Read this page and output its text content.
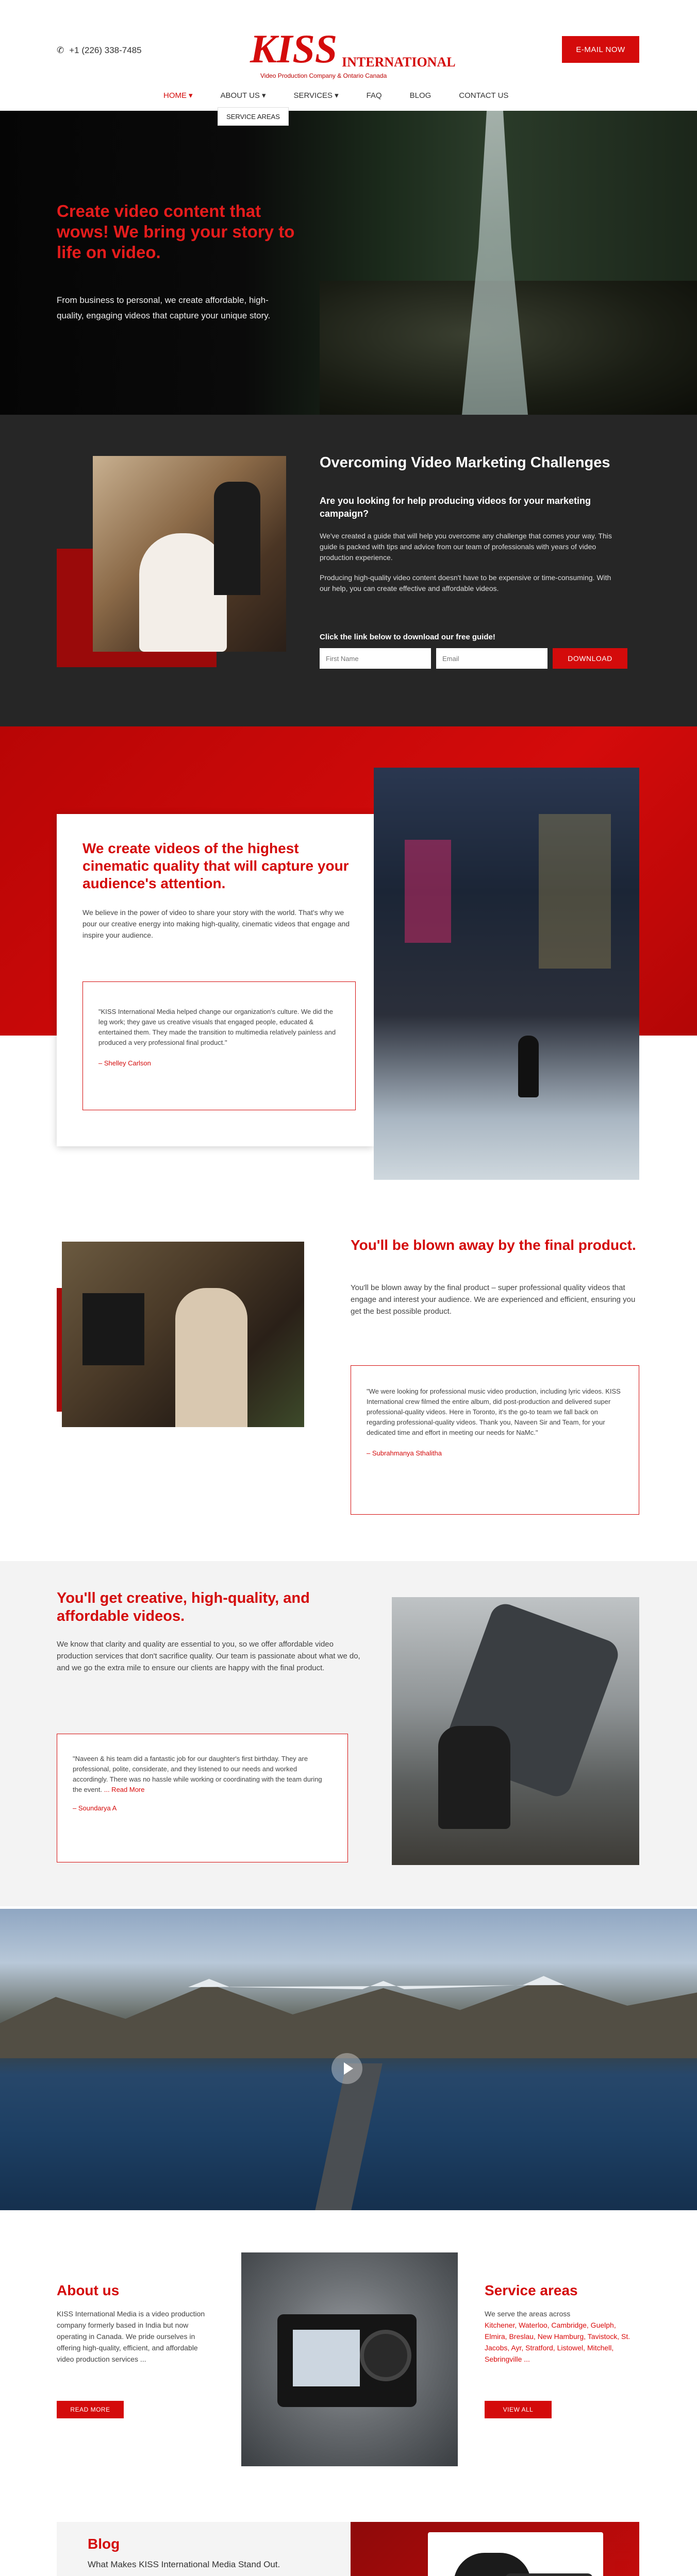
✆ +1 (226) 338-7485	KISS INTERNATIONAL
Video Production Company & Ontario Canada
E-MAIL NOW
HOME ▾	ABOUT US ▾	SERVICES ▾	FAQ	BLOG	CONTACT US
SERVICE AREAS
Create video content that wows! We bring your story to life on video.
From business to personal, we create affordable, high-quality, engaging videos that capture your unique story.
Overcoming Video Marketing Challenges
Are you looking for help producing videos for your marketing campaign?

We've created a guide that will help you overcome any challenge that comes your way. This guide is packed with tips and advice from our team of professionals with years of video production experience.

Producing high-quality video content doesn't have to be expensive or time-consuming. With our help, you can create effective and affordable videos.

Click the link below to download our free guide!
First Name
Email
DOWNLOAD
We create videos of the highest cinematic quality that will capture your audience's attention.
We believe in the power of video to share your story with the world. That's why we pour our creative energy into making high-quality, cinematic videos that engage and inspire your audience.
"KISS International Media helped change our organization's culture. We did the leg work; they gave us creative visuals that engaged people, educated & entertained them. They made the transition to multimedia relatively painless and produced a very professional final product."
– Shelley Carlson
You'll be blown away by the final product.
You'll be blown away by the final product – super professional quality videos that engage and interest your audience. We are experienced and efficient, ensuring you get the best possible product.
"We were looking for professional music video production, including lyric videos. KISS International crew filmed the entire album, did post-production and delivered super professional-quality videos. Here in Toronto, it's the go-to team we fall back on regarding professional-quality videos. Thank you, Naveen Sir and Team, for your dedicated time and effort in meeting our needs for NaMc."
– Subrahmanya Sthalitha
You'll get creative, high-quality, and affordable videos.
We know that clarity and quality are essential to you, so we offer affordable video production services that don't sacrifice quality. Our team is passionate about what we do, and we go the extra mile to ensure our clients are happy with the final product.
"Naveen & his team did a fantastic job for our daughter's first birthday. They are professional, polite, considerate, and they listened to our needs and worked accordingly. There was no hassle while working or coordinating with the team during the event. ... Read More
– Soundarya A
About us
KISS International Media is a video production company formerly based in India but now operating in Canada. We pride ourselves in offering high-quality, efficient, and affordable video production services ...
READ MORE
Service areas
We serve the areas across
Kitchener, Waterloo, Cambridge, Guelph, Elmira, Breslau, New Hamburg, Tavistock, St. Jacobs, Ayr, Stratford, Listowel, Mitchell, Sebringville ...
VIEW ALL
Blog
What Makes KISS International Media Stand Out.
